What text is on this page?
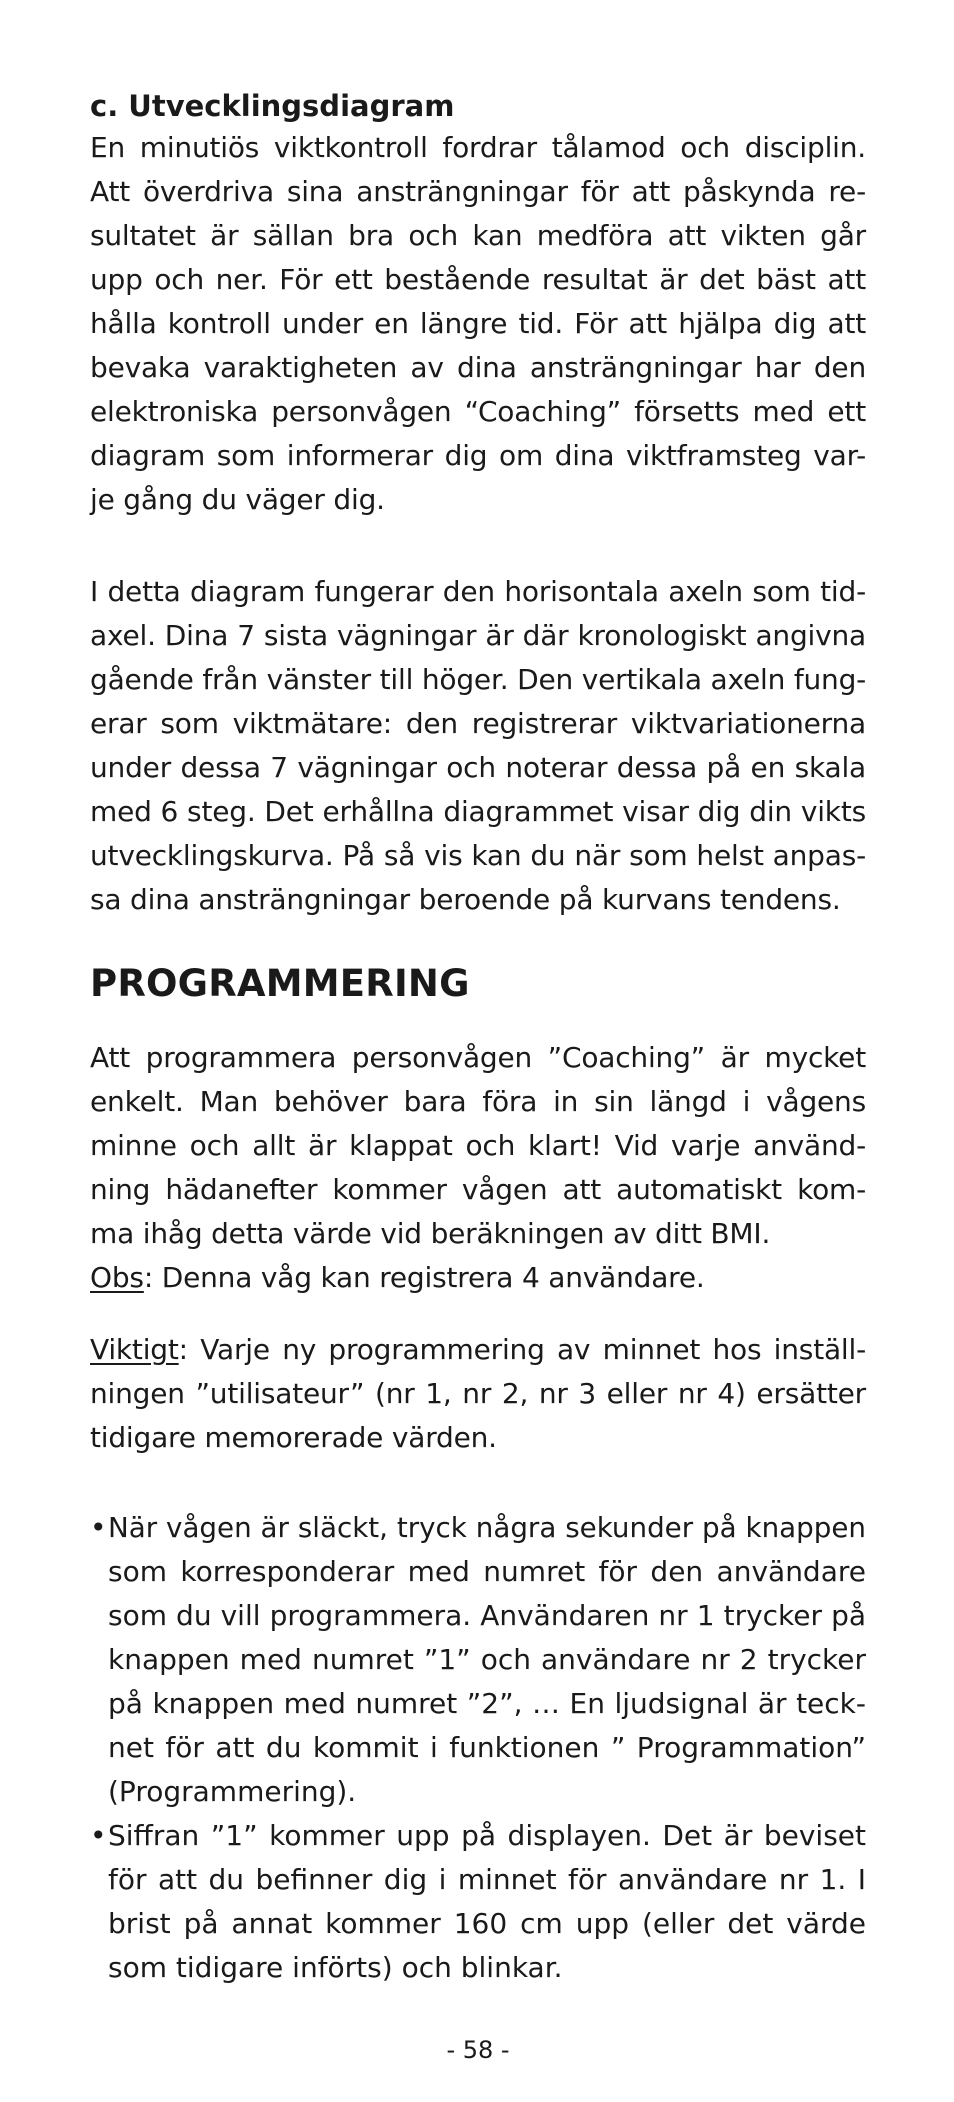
c. Utvecklingsdiagram

En minutiös viktkontroll fordrar tålamod och disciplin.
Att överdriva sina ansträngningar för att påskynda re-
sultatet är sällan bra och kan medföra att vikten går
upp och ner. För ett bestående resultat är det bäst att
hålla kontroll under en längre tid. För att hjälpa dig att
bevaka varaktigheten av dina ansträngningar har den
elektroniska personvågen “Coaching” försetts med ett
diagram som informerar dig om dina viktframsteg var-
je gång du väger dig.

I detta diagram fungerar den horisontala axeln som tid-
axel. Dina 7 sista vägningar är där kronologiskt angivna
gående från vänster till höger. Den vertikala axeln fung-
erar som viktmätare: den registrerar viktvariationerna
under dessa 7 vägningar och noterar dessa på en skala
med 6 steg. Det erhållna diagrammet visar dig din vikts
utvecklingskurva. På så vis kan du när som helst anpas-
sa dina ansträngningar beroende på kurvans tendens.

PROGRAMMERING

Att programmera personvågen ”Coaching” är mycket
enkelt. Man behöver bara föra in sin längd i vågens
minne och allt är klappat och klart! Vid varje använd-
ning hädanefter kommer vågen att automatiskt kom-
ma ihåg detta värde vid beräkningen av ditt BMI.
Obs: Denna våg kan registrera 4 användare.

Viktigt: Varje ny programmering av minnet hos inställ-
ningen ”utilisateur” (nr 1, nr 2, nr 3 eller nr 4) ersätter
tidigare memorerade värden.

• När vågen är släckt, tryck några sekunder på knappen
som korresponderar med numret för den användare
som du vill programmera. Användaren nr 1 trycker på
knappen med numret ”1” och användare nr 2 trycker
på knappen med numret ”2”, … En ljudsignal är teck-
net för att du kommit i funktionen ” Programmation”
(Programmering).
• Siffran ”1” kommer upp på displayen. Det är beviset
för att du befinner dig i minnet för användare nr 1. I
brist på annat kommer 160 cm upp (eller det värde
som tidigare införts) och blinkar.

- 58 -
